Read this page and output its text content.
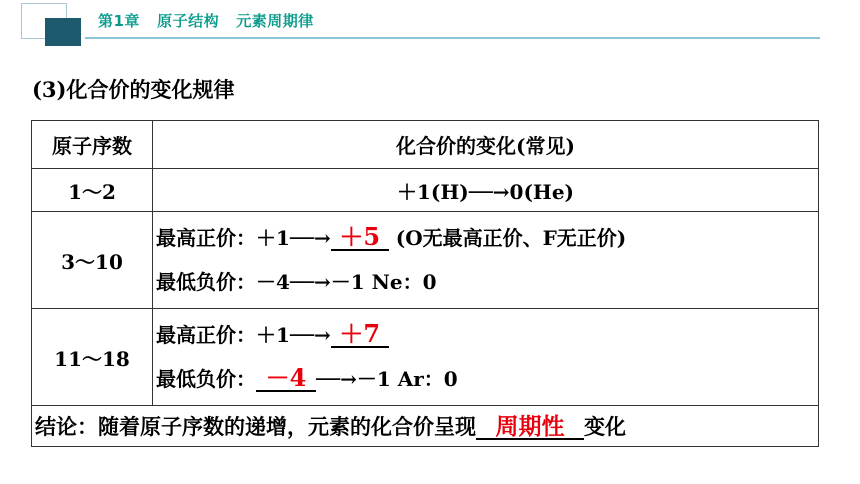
第1章 原子结构 元素周期律
(3)化合价的变化规律
原子序数	化合价的变化(常见)
1～2	＋1(H)──→0(He)
3～10	最高正价：＋1──→ ＋5 (O无最高正价、F无正价)
最低负价：－4──→－1 Ne：0

11～18	最高正价：＋1──→ ＋7
最低负价： －4 ──→－1 Ar：0

结论：随着原子序数的递增，元素的化合价呈现 周期性 变化	
